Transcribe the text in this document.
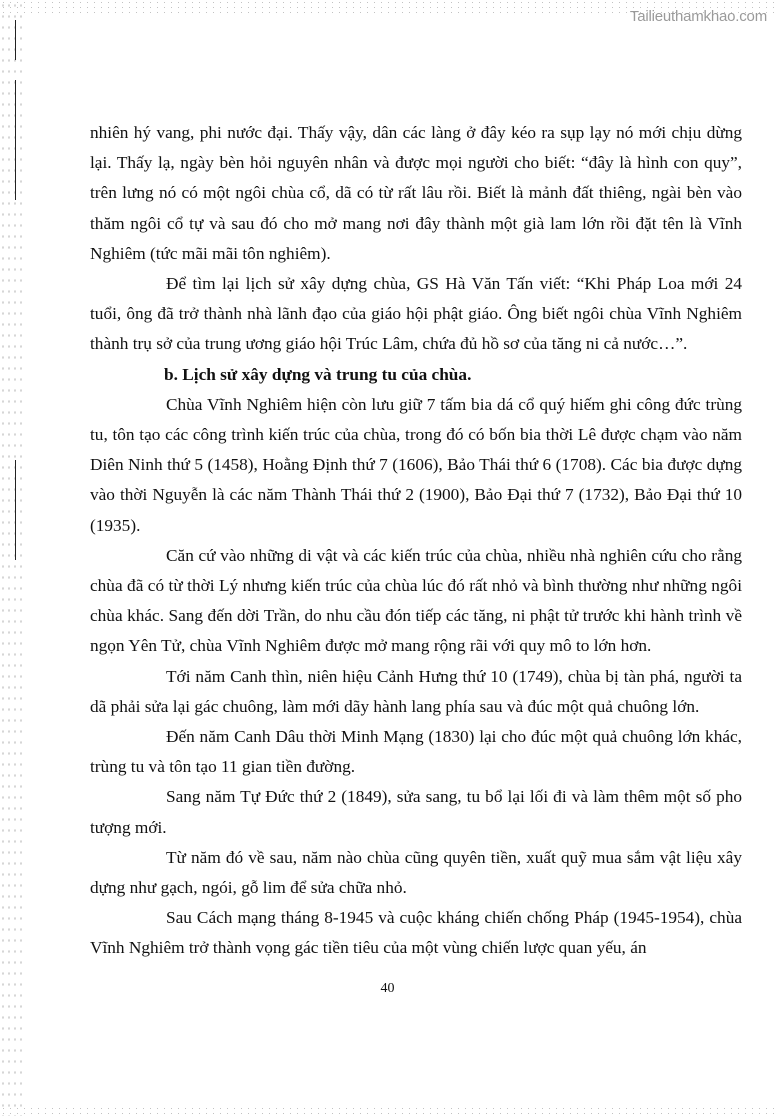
Tailieuthamkhao.com

nhiên hý vang, phi nước đại. Thấy vậy, dân các làng ở đây kéo ra sụp lạy nó mới chịu dừng lại. Thấy lạ, ngày bèn hỏi nguyên nhân và được mọi người cho biết: “đây là hình con quy”, trên lưng nó có một ngôi chùa cổ, dã có từ rất lâu rồi. Biết là mảnh đất thiêng, ngài bèn vào thăm ngôi cổ tự và sau đó cho mở mang nơi đây thành một già lam lớn rồi đặt tên là Vĩnh Nghiêm (tức mãi mãi tôn nghiêm).

Để tìm lại lịch sử xây dựng chùa, GS Hà Văn Tấn viết: “Khi Pháp Loa mới 24 tuổi, ông đã trở thành nhà lãnh đạo của giáo hội phật giáo. Ông biết ngôi chùa Vĩnh Nghiêm thành trụ sở của trung ương giáo hội Trúc Lâm, chứa đủ hồ sơ của tăng ni cả nước…”.

b. Lịch sử xây dựng và trung tu của chùa.

Chùa Vĩnh Nghiêm hiện còn lưu giữ 7 tấm bia dá cổ quý hiếm ghi công đức trùng tu, tôn tạo các công trình kiến trúc của chùa, trong đó có bốn bia thời Lê được chạm vào năm Diên Ninh thứ 5 (1458), Hoằng Định thứ 7 (1606), Bảo Thái thứ 6 (1708). Các bia được dựng vào thời Nguyễn là các năm Thành Thái thứ 2 (1900), Bảo Đại thứ 7 (1732), Bảo Đại thứ 10 (1935).

Căn cứ vào những di vật và các kiến trúc của chùa, nhiều nhà nghiên cứu cho rằng chùa đã có từ thời Lý nhưng kiến trúc của chùa lúc đó rất nhỏ và bình thường như những ngôi chùa khác. Sang đến dời Trần, do nhu cầu đón tiếp các tăng, ni phật tử trước khi hành trình về ngọn Yên Tử, chùa Vĩnh Nghiêm được mở mang rộng rãi với quy mô to lớn hơn.

Tới năm Canh thìn, niên hiệu Cảnh Hưng thứ 10 (1749), chùa bị tàn phá, người ta dã phải sửa lại gác chuông, làm mới dãy hành lang phía sau và đúc một quả chuông lớn.

Đến năm Canh Dâu thời Minh Mạng (1830) lại cho đúc một quả chuông lớn khác, trùng tu và tôn tạo 11 gian tiền đường.

Sang năm Tự Đức thứ 2 (1849), sửa sang, tu bổ lại lối đi và làm thêm một số pho tượng mới.

Từ năm đó về sau, năm nào chùa cũng quyên tiền, xuất quỹ mua sắm vật liệu xây dựng như gạch, ngói, gỗ lim để sửa chữa nhỏ.

Sau Cách mạng tháng 8-1945 và cuộc kháng chiến chống Pháp (1945-1954), chùa Vĩnh Nghiêm trở thành vọng gác tiền tiêu của một vùng chiến lược quan yếu, án

40
